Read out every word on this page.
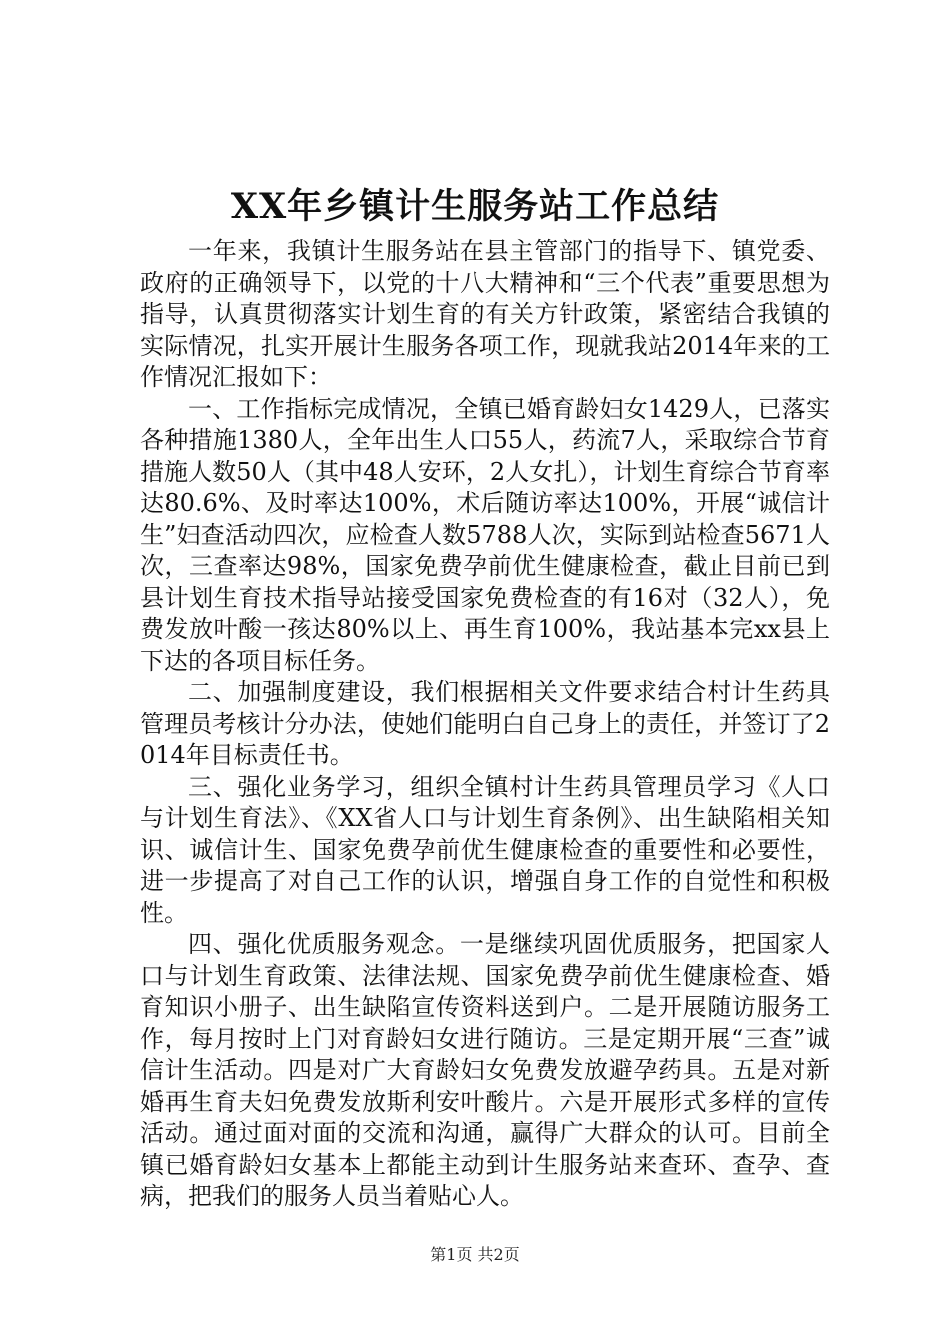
XX年乡镇计生服务站工作总结

一年来，我镇计生服务站在县主管部门的指导下、镇党委、政府的正确领导下，以党的十八大精神和“三个代表”重要思想为指导，认真贯彻落实计划生育的有关方针政策，紧密结合我镇的实际情况，扎实开展计生服务各项工作，现就我站2014年来的工作情况汇报如下：

一、工作指标完成情况，全镇已婚育龄妇女1429人，已落实各种措施1380人，全年出生人口55人，药流7人，采取综合节育措施人数50人（其中48人安环，2人女扎），计划生育综合节育率达80.6%、及时率达100%，术后随访率达100%，开展“诚信计生”妇查活动四次，应检查人数5788人次，实际到站检查5671人次，三查率达98%，国家免费孕前优生健康检查，截止目前已到县计划生育技术指导站接受国家免费检查的有16对（32人），免费发放叶酸一孩达80%以上、再生育100%，我站基本完xx县上下达的各项目标任务。

二、加强制度建设，我们根据相关文件要求结合村计生药具管理员考核计分办法，使她们能明白自己身上的责任，并签订了2014年目标责任书。

三、强化业务学习，组织全镇村计生药具管理员学习《人口与计划生育法》、《XX省人口与计划生育条例》、出生缺陷相关知识、诚信计生、国家免费孕前优生健康检查的重要性和必要性，进一步提高了对自己工作的认识，增强自身工作的自觉性和积极性。

四、强化优质服务观念。一是继续巩固优质服务，把国家人口与计划生育政策、法律法规、国家免费孕前优生健康检查、婚育知识小册子、出生缺陷宣传资料送到户。二是开展随访服务工作，每月按时上门对育龄妇女进行随访。三是定期开展“三查”诚信计生活动。四是对广大育龄妇女免费发放避孕药具。五是对新婚再生育夫妇免费发放斯利安叶酸片。六是开展形式多样的宣传活动。通过面对面的交流和沟通，赢得广大群众的认可。目前全镇已婚育龄妇女基本上都能主动到计生服务站来查环、查孕、查病，把我们的服务人员当着贴心人。

第1页 共2页
